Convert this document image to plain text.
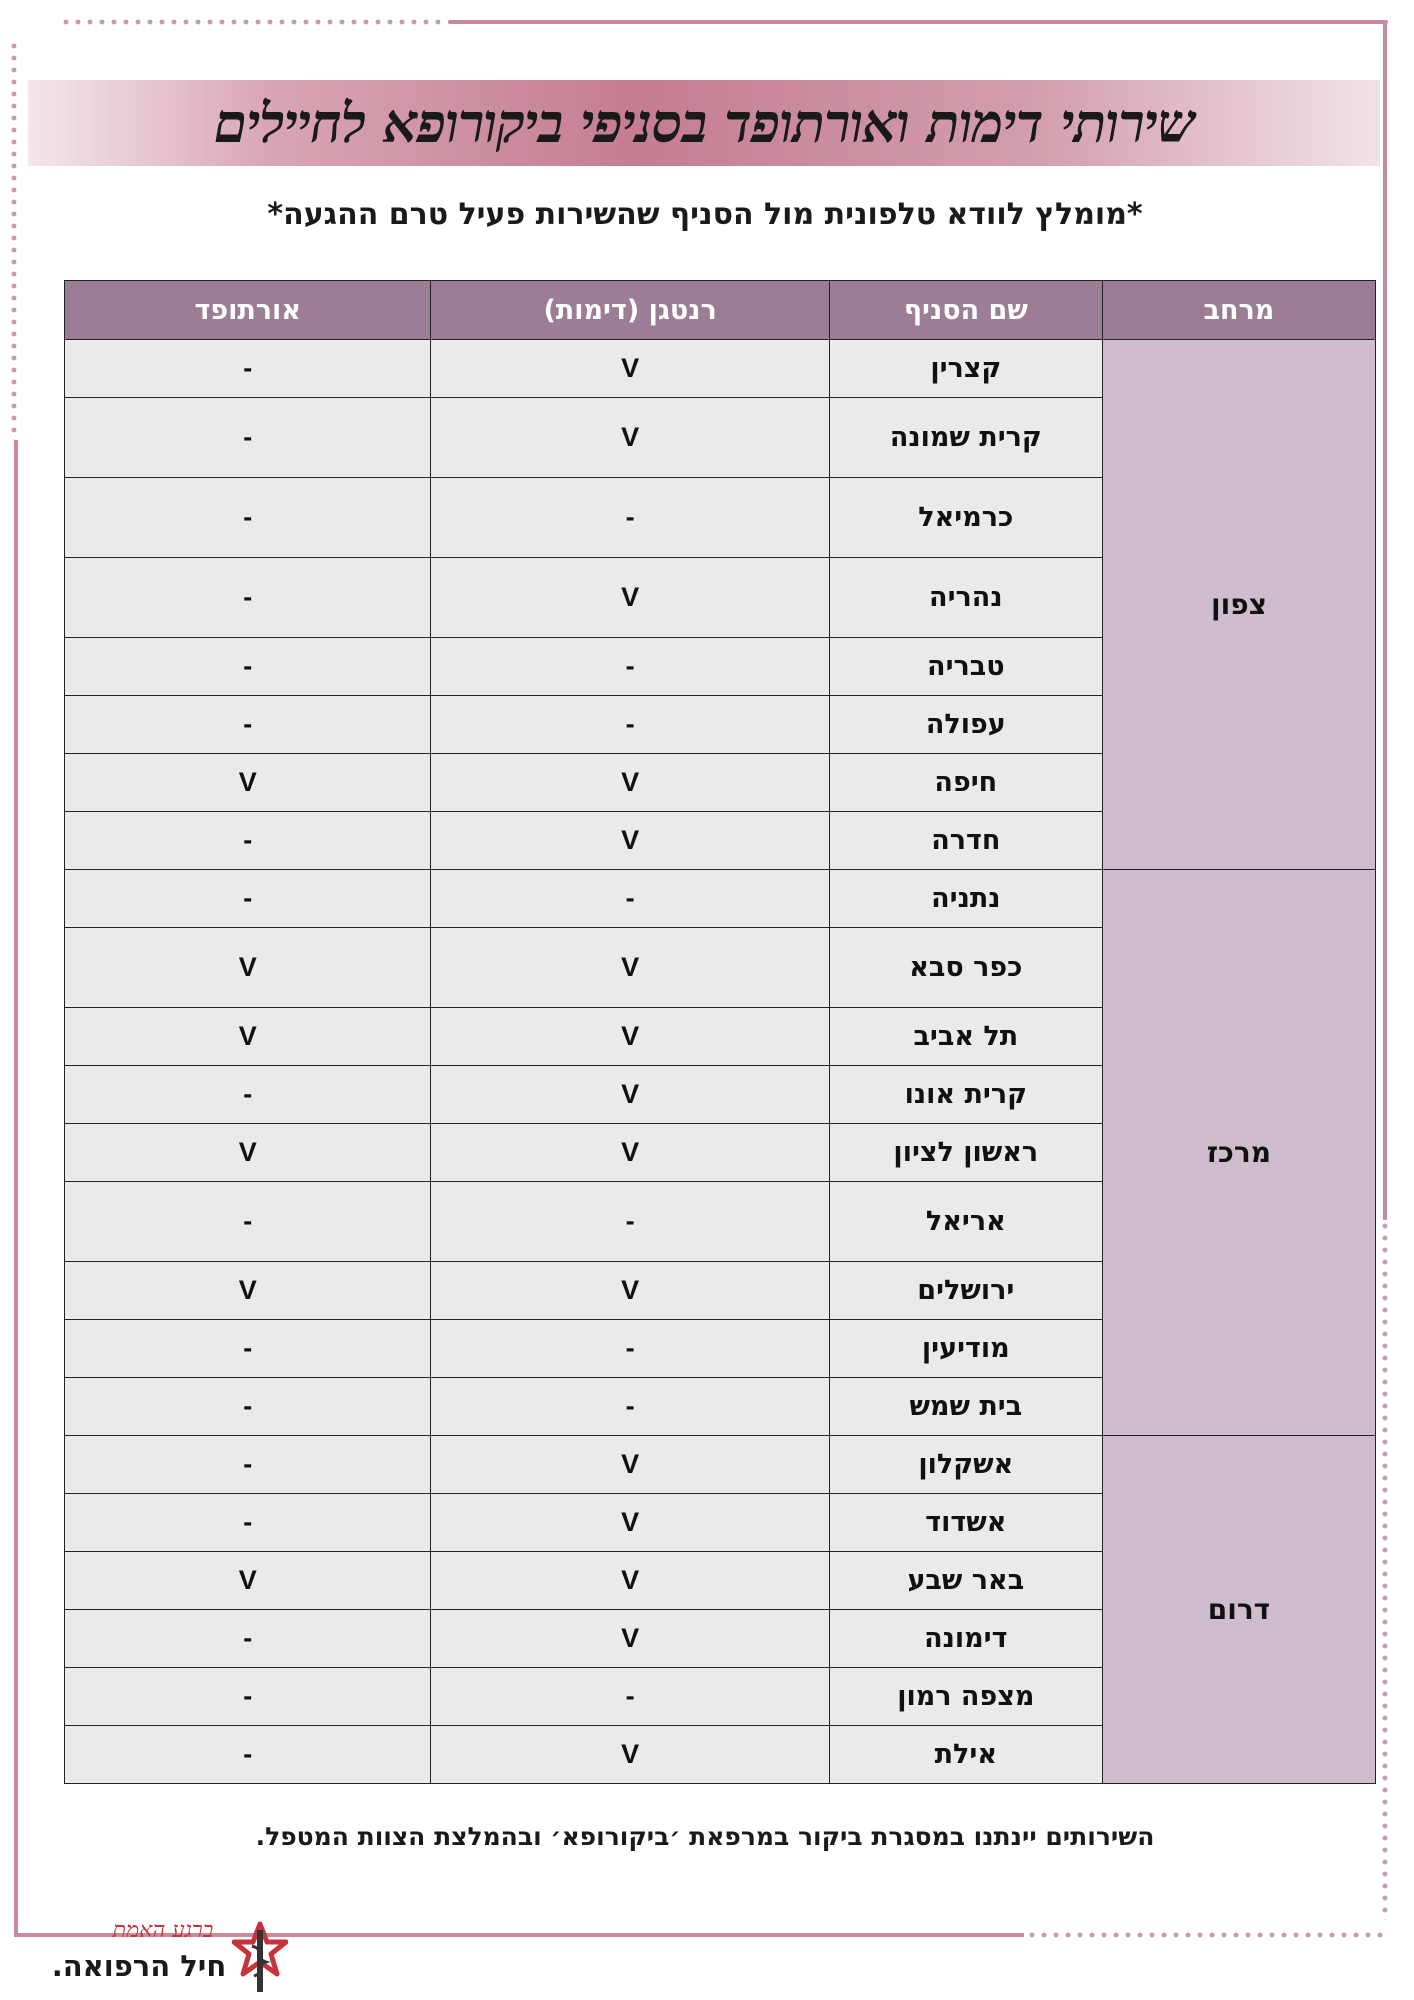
שירותי דימות ואורתופד בסניפי ביקורופא לחיילים
*מומלץ לוודא טלפונית מול הסניף שהשירות פעיל טרם ההגעה*
מרחב	שם הסניף	רנטגן (דימות)	אורתופד
צפון	קצרין	V	-
	קרית שמונה	V	-
	כרמיאל	-	-
	נהריה	V	-
	טבריה	-	-
	עפולה	-	-
	חיפה	V	V
	חדרה	V	-
מרכז	נתניה	-	-
	כפר סבא	V	V
	תל אביב	V	V
	קרית אונו	V	-
	ראשון לציון	V	V
	אריאל	-	-
	ירושלים	V	V
	מודיעין	-	-
	בית שמש	-	-
דרום	אשקלון	V	-
	אשדוד	V	-
	באר שבע	V	V
	דימונה	V	-
	מצפה רמון	-	-
	אילת	V	-
השירותים יינתנו במסגרת ביקור במרפאת ׳ביקורופא׳ ובהמלצת הצוות המטפל.
ברגע האמת
חיל הרפואה.
